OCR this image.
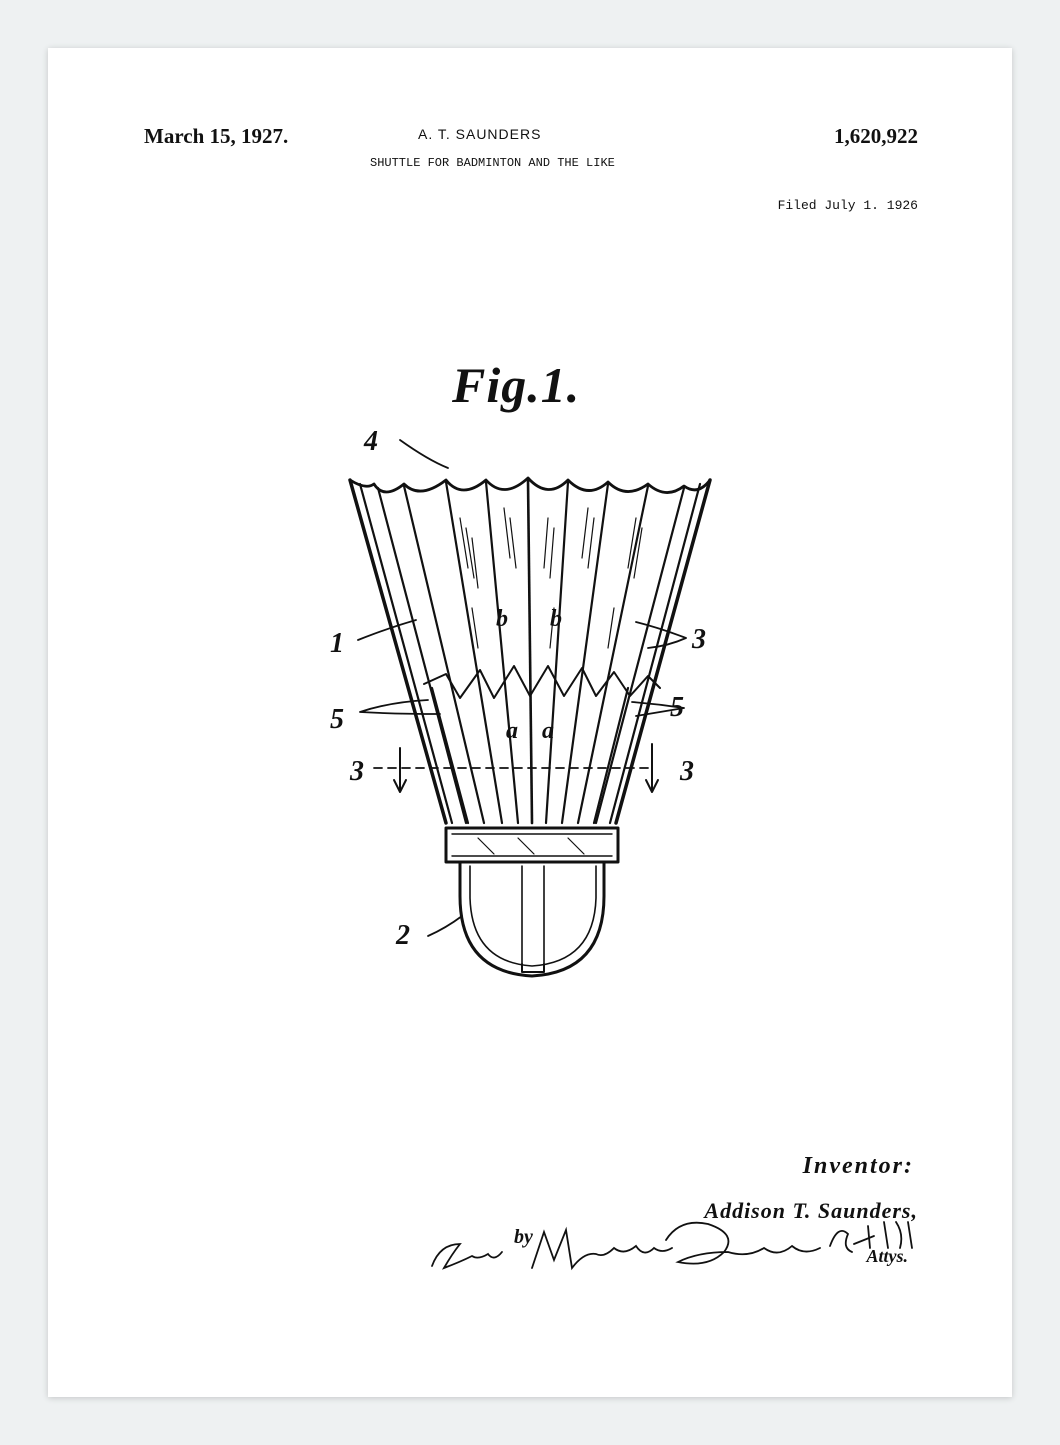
March 15, 1927.	A. T. SAUNDERS	1,620,922
SHUTTLE FOR BADMINTON AND THE LIKE
Filed July 1. 1926
Fig.1.
4
1	3
5	5
3	3
2
b b
a a
Inventor:
Addison T. Saunders,
by
Attys.
